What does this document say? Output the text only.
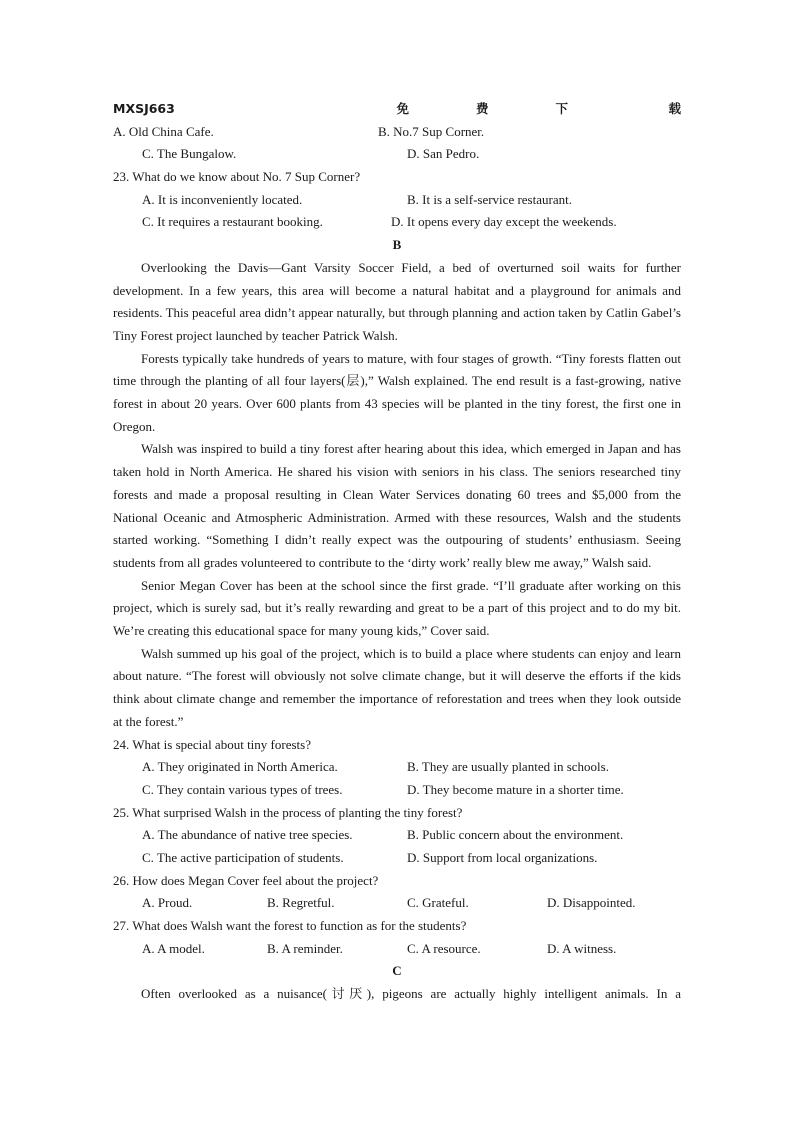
MXSJ663	免	费	下	载
A. Old China Cafe.	B. No.7 Sup Corner.
C. The Bungalow.	D. San Pedro.
23. What do we know about No. 7 Sup Corner?
A. It is inconveniently located.	B. It is a self-service restaurant.
C. It requires a restaurant booking.	D. It opens every day except the weekends.
B

Overlooking the Davis—Gant Varsity Soccer Field, a bed of overturned soil waits for further development. In a few years, this area will become a natural habitat and a playground for animals and residents. This peaceful area didn’t appear naturally, but through planning and action taken by Catlin Gabel’s Tiny Forest project launched by teacher Patrick Walsh.

Forests typically take hundreds of years to mature, with four stages of growth. “Tiny forests flatten out time through the planting of all four layers(层),” Walsh explained. The end result is a fast-growing, native forest in about 20 years. Over 600 plants from 43 species will be planted in the tiny forest, the first one in Oregon.

Walsh was inspired to build a tiny forest after hearing about this idea, which emerged in Japan and has taken hold in North America. He shared his vision with seniors in his class. The seniors researched tiny forests and made a proposal resulting in Clean Water Services donating 60 trees and $5,000 from the National Oceanic and Atmospheric Administration. Armed with these resources, Walsh and the students started working. “Something I didn’t really expect was the outpouring of students’ enthusiasm. Seeing students from all grades volunteered to contribute to the ‘dirty work’ really blew me away,” Walsh said.

Senior Megan Cover has been at the school since the first grade. “I’ll graduate after working on this project, which is surely sad, but it’s really rewarding and great to be a part of this project and to do my bit. We’re creating this educational space for many young kids,” Cover said.

Walsh summed up his goal of the project, which is to build a place where students can enjoy and learn about nature. “The forest will obviously not solve climate change, but it will deserve the efforts if the kids think about climate change and remember the importance of reforestation and trees when they look outside at the forest.”

24. What is special about tiny forests?
A. They originated in North America.	B. They are usually planted in schools.
C. They contain various types of trees.	D. They become mature in a shorter time.
25. What surprised Walsh in the process of planting the tiny forest?
A. The abundance of native tree species.	B. Public concern about the environment.
C. The active participation of students.	D. Support from local organizations.
26. How does Megan Cover feel about the project?
A. Proud.	B. Regretful.	C. Grateful.	D. Disappointed.
27. What does Walsh want the forest to function as for the students?
A. A model.	B. A reminder.	C. A resource.	D. A witness.
C

Often overlooked as a nuisance(讨厌), pigeons are actually highly intelligent animals. In a
